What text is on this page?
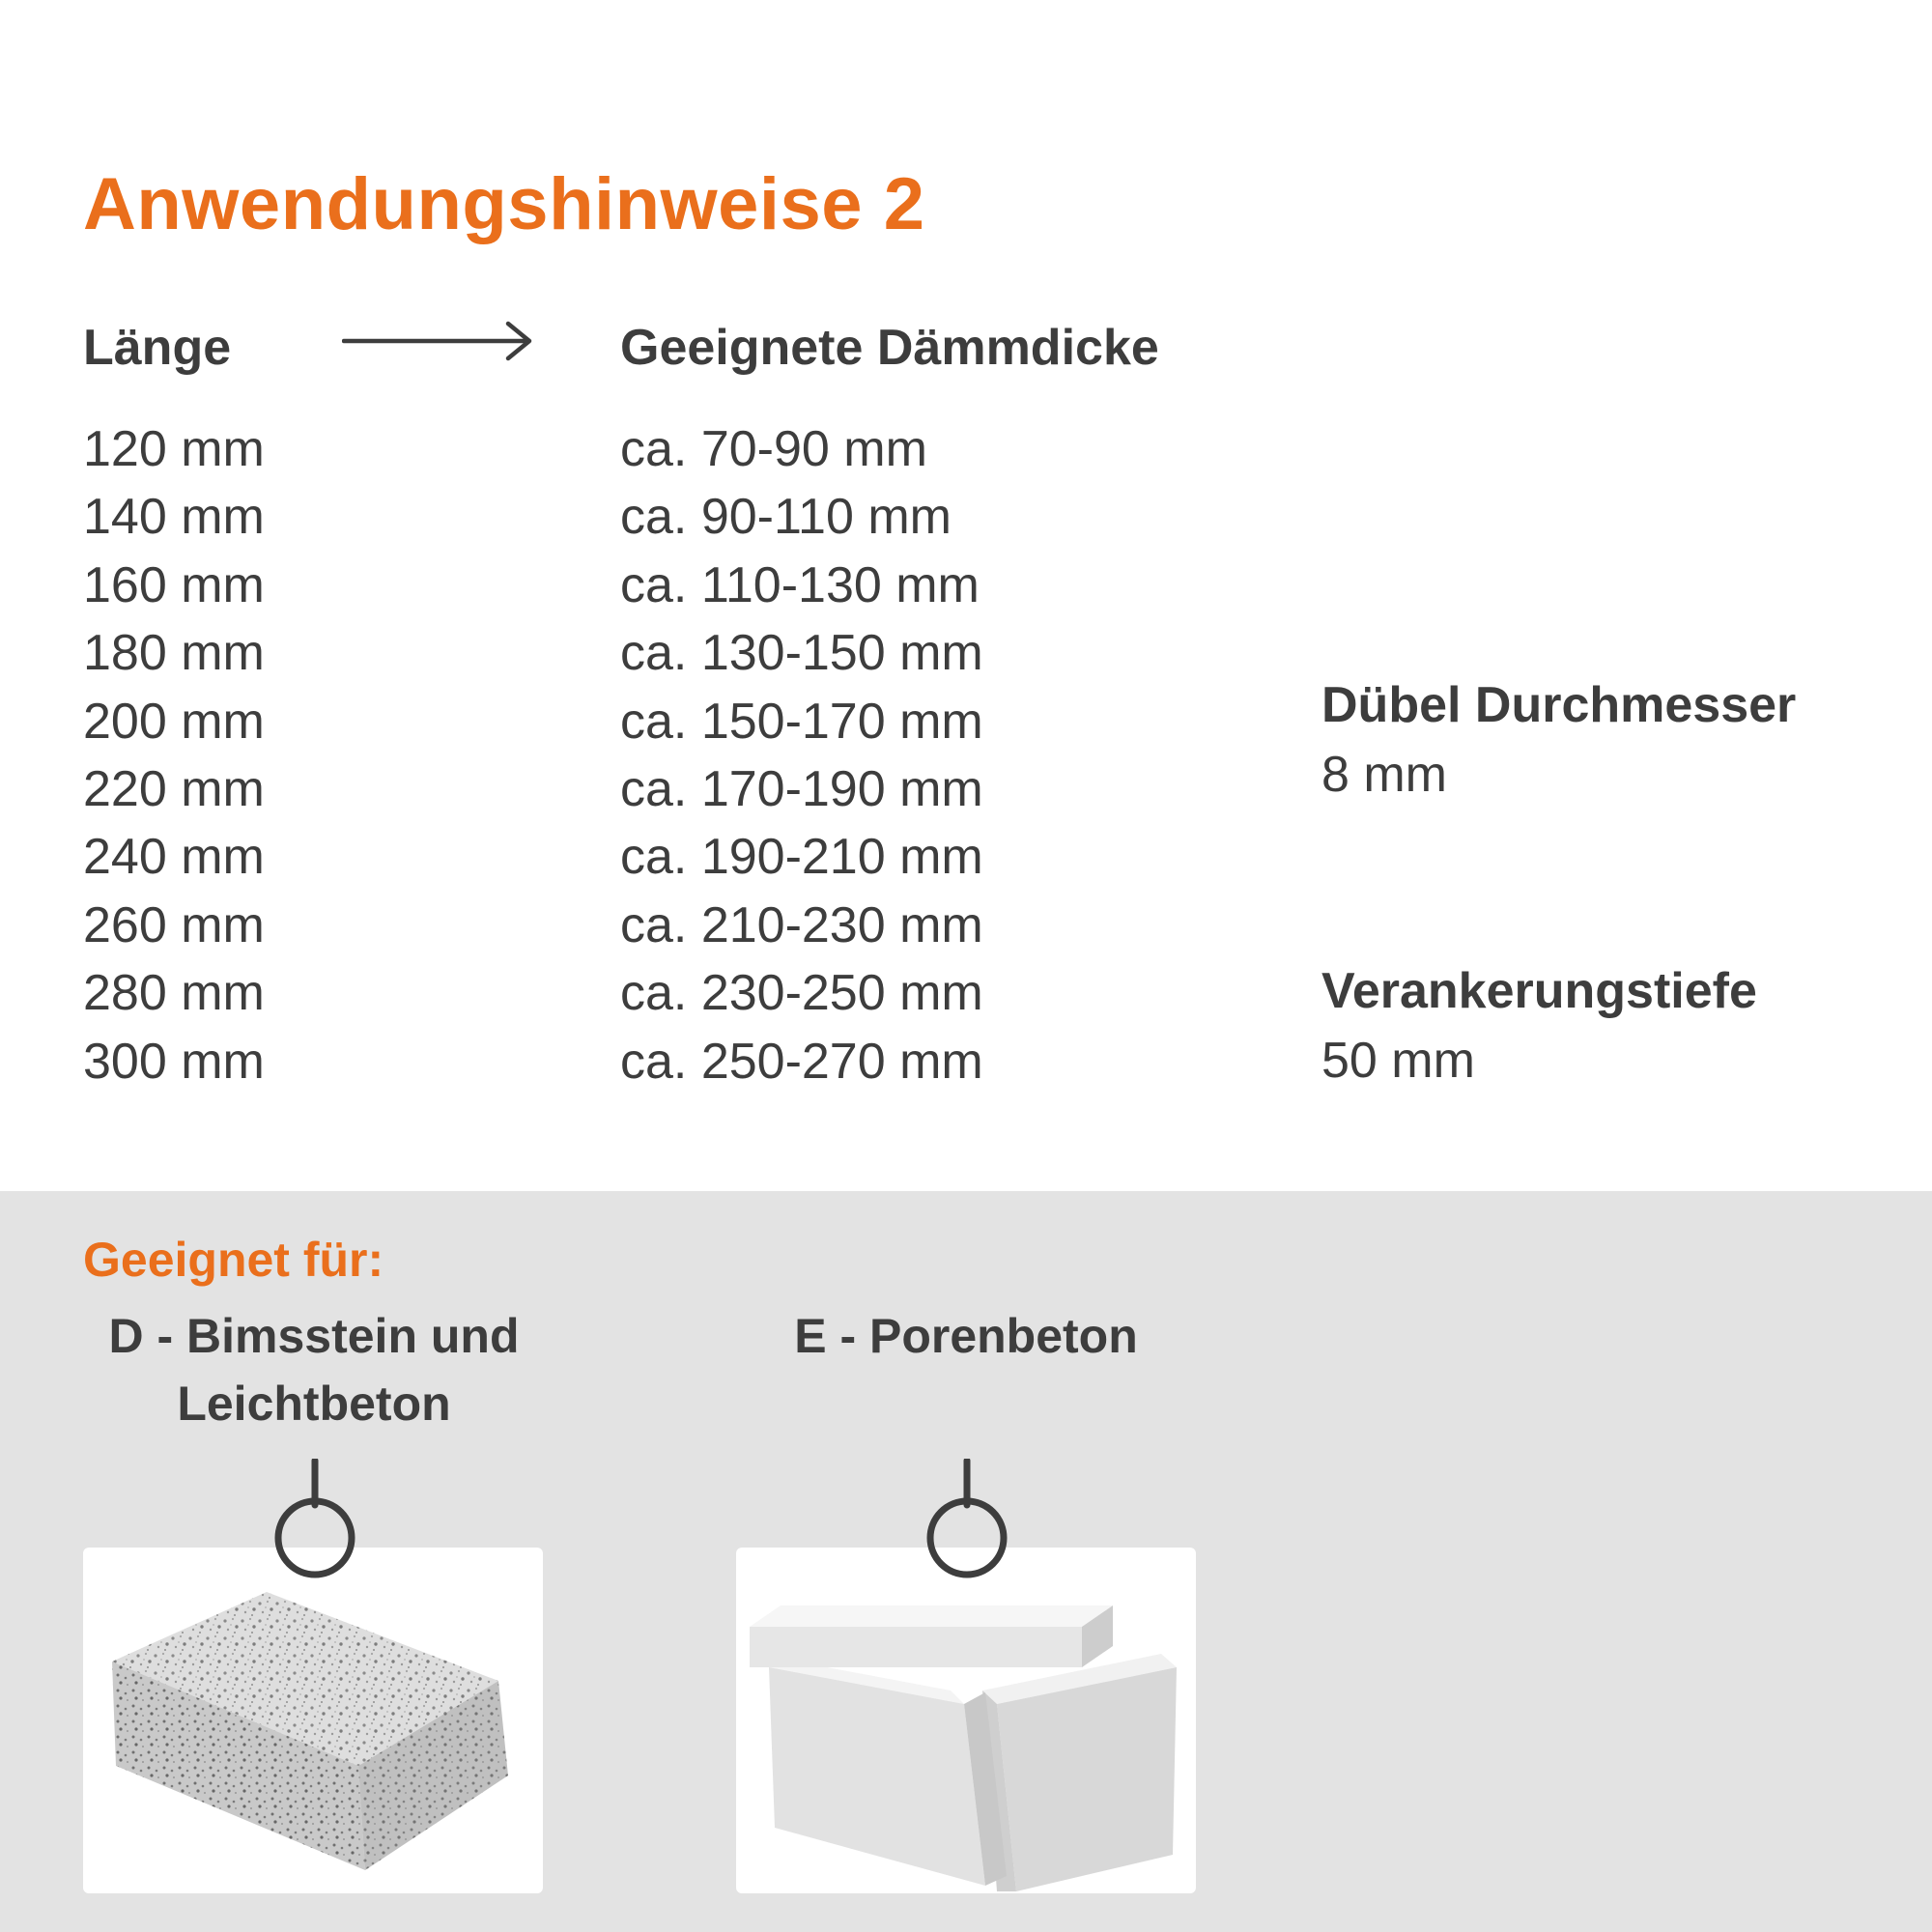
Anwendungshinweise 2
Länge	Geeignete Dämmdicke
120 mm
140 mm
160 mm
180 mm
200 mm
220 mm
240 mm
260 mm
280 mm
300 mm
ca. 70-90 mm
ca. 90-110 mm
ca. 110-130 mm
ca. 130-150 mm
ca. 150-170 mm
ca. 170-190 mm
ca. 190-210 mm
ca. 210-230 mm
ca. 230-250 mm
ca. 250-270 mm
Dübel Durchmesser
8 mm
Verankerungstiefe
50 mm
Geeignet für:
D - Bimsstein und
Leichtbeton
E - Porenbeton
